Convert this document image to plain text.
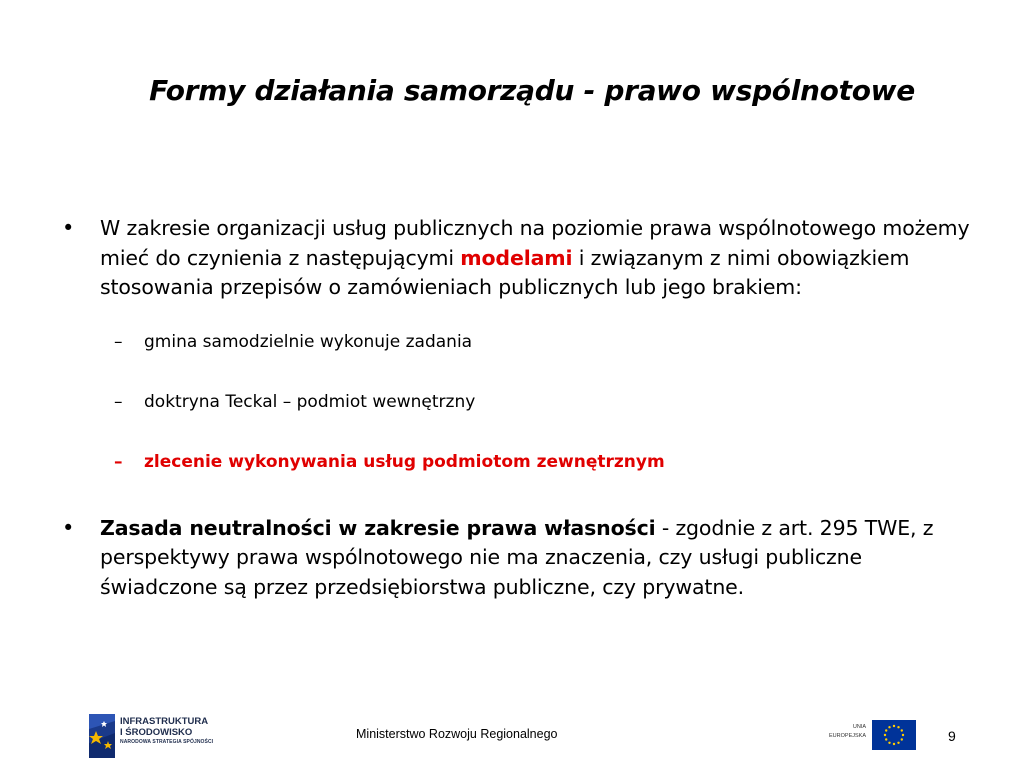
Formy działania samorządu - prawo wspólnotowe
•	W zakresie organizacji usług publicznych na poziomie prawa wspólnotowego możemy mieć do czynienia z następującymi modelami i związanym z nimi obowiązkiem stosowania przepisów o zamówieniach publicznych lub jego brakiem:
–	gmina samodzielnie wykonuje zadania
–	doktryna Teckal – podmiot wewnętrzny
–	zlecenie wykonywania usług podmiotom zewnętrznym
•	Zasada neutralności w zakresie prawa własności - zgodnie z art. 295 TWE, z perspektywy prawa wspólnotowego nie ma znaczenia, czy usługi publiczne świadczone są przez przedsiębiorstwa publiczne, czy prywatne.
INFRASTRUKTURA
I ŚRODOWISKO
NARODOWA STRATEGIA SPÓJNOŚCI
Ministerstwo Rozwoju Regionalnego	UNIA
EUROPEJSKA	9
